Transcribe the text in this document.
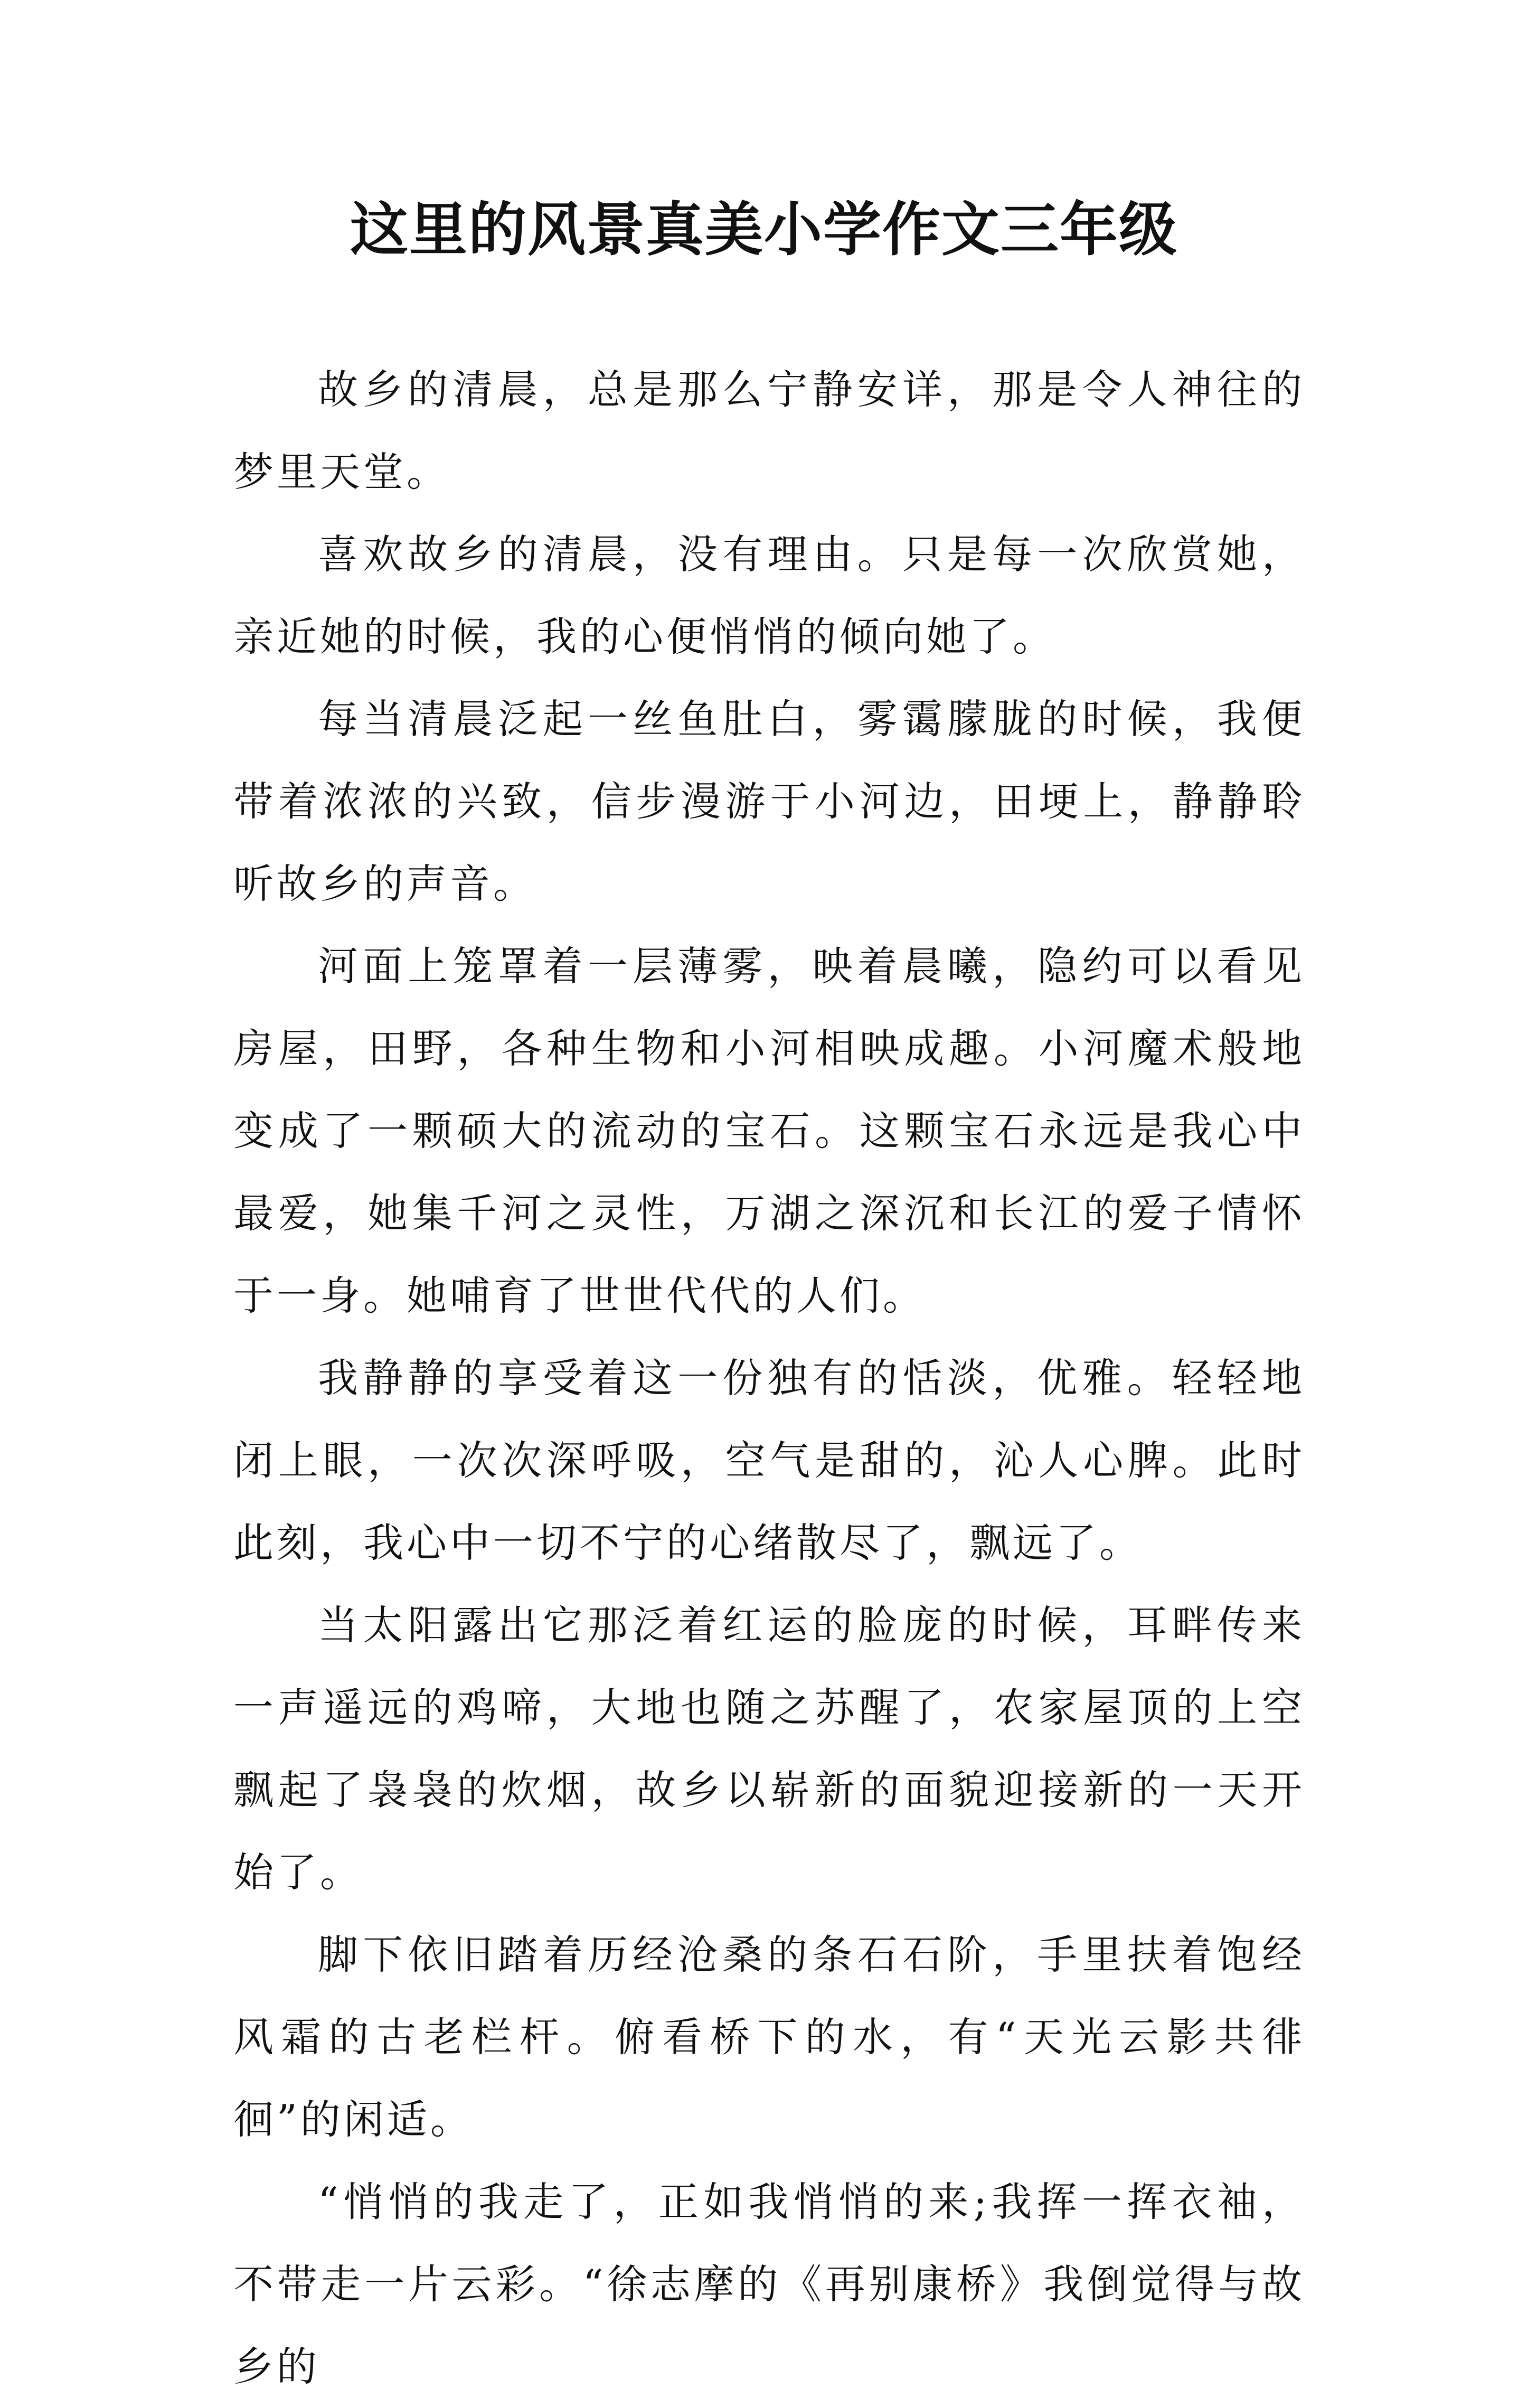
这里的风景真美小学作文三年级

故乡的清晨，总是那么宁静安详，那是令人神往的梦里天堂。

喜欢故乡的清晨，没有理由。只是每一次欣赏她，亲近她的时候，我的心便悄悄的倾向她了。

每当清晨泛起一丝鱼肚白，雾霭朦胧的时候，我便带着浓浓的兴致，信步漫游于小河边，田埂上，静静聆听故乡的声音。

河面上笼罩着一层薄雾，映着晨曦，隐约可以看见房屋，田野，各种生物和小河相映成趣。小河魔术般地变成了一颗硕大的流动的宝石。这颗宝石永远是我心中最爱，她集千河之灵性，万湖之深沉和长江的爱子情怀于一身。她哺育了世世代代的人们。

我静静的享受着这一份独有的恬淡，优雅。轻轻地闭上眼，一次次深呼吸，空气是甜的，沁人心脾。此时此刻，我心中一切不宁的心绪散尽了，飘远了。

当太阳露出它那泛着红运的脸庞的时候，耳畔传来一声遥远的鸡啼，大地也随之苏醒了，农家屋顶的上空飘起了袅袅的炊烟，故乡以崭新的面貌迎接新的一天开始了。

脚下依旧踏着历经沧桑的条石石阶，手里扶着饱经风霜的古老栏杆。俯看桥下的水，有“天光云影共徘徊”的闲适。

“悄悄的我走了，正如我悄悄的来;我挥一挥衣袖，不带走一片云彩。“徐志摩的《再别康桥》我倒觉得与故乡的
